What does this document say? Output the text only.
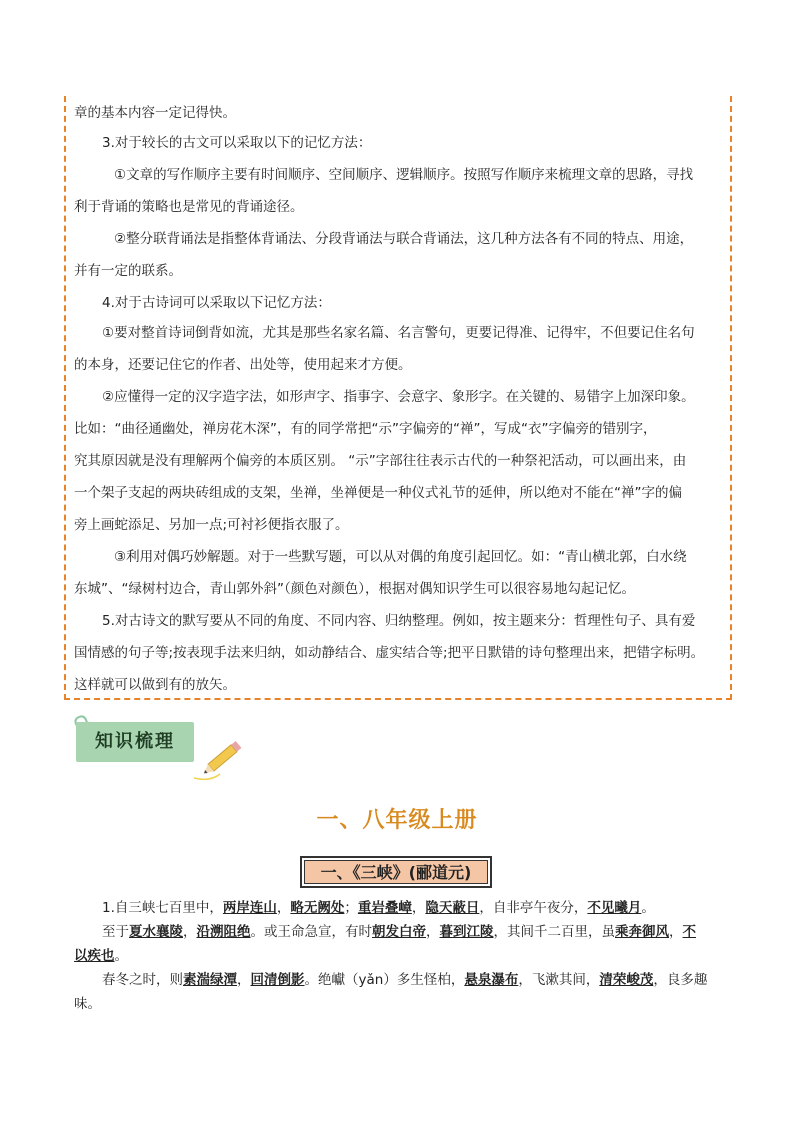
章的基本内容一定记得快。
3.对于较长的古文可以采取以下的记忆方法：
①文章的写作顺序主要有时间顺序、空间顺序、逻辑顺序。按照写作顺序来梳理文章的思路，寻找
利于背诵的策略也是常见的背诵途径。
②整分联背诵法是指整体背诵法、分段背诵法与联合背诵法，这几种方法各有不同的特点、用途，
并有一定的联系。
4.对于古诗词可以采取以下记忆方法：
①要对整首诗词倒背如流，尤其是那些名家名篇、名言警句，更要记得准、记得牢，不但要记住名句
的本身，还要记住它的作者、出处等，使用起来才方便。
②应懂得一定的汉字造字法，如形声字、指事字、会意字、象形字。在关键的、易错字上加深印象。
比如：“曲径通幽处，禅房花木深”，有的同学常把“示”字偏旁的“禅”，写成“衣”字偏旁的错别字，
究其原因就是没有理解两个偏旁的本质区别。 “示”字部往往表示古代的一种祭祀活动，可以画出来，由
一个架子支起的两块砖组成的支架，坐禅，坐禅便是一种仪式礼节的延伸，所以绝对不能在“禅”字的偏
旁上画蛇添足、另加一点;可衬衫便指衣服了。
③利用对偶巧妙解题。对于一些默写题，可以从对偶的角度引起回忆。如：“青山横北郭，白水绕
东城”、“绿树村边合，青山郭外斜”（颜色对颜色），根据对偶知识学生可以很容易地勾起记忆。
5.对古诗文的默写要从不同的角度、不同内容、归纳整理。例如，按主题来分：哲理性句子、具有爱
国情感的句子等;按表现手法来归纳，如动静结合、虚实结合等;把平日默错的诗句整理出来，把错字标明。
这样就可以做到有的放矢。
知识梳理
一、八年级上册
一、《三峡》(郦道元)
1.自三峡七百里中，两岸连山，略无阙处；重岩叠嶂，隐天蔽日，自非亭午夜分，不见曦月。
至于夏水襄陵，沿溯阻绝。或王命急宣，有时朝发白帝，暮到江陵，其间千二百里，虽乘奔御风，不
以疾也。
春冬之时，则素湍绿潭，回清倒影。绝巘（yǎn）多生怪柏，悬泉瀑布，飞漱其间，清荣峻茂，良多趣
味。
